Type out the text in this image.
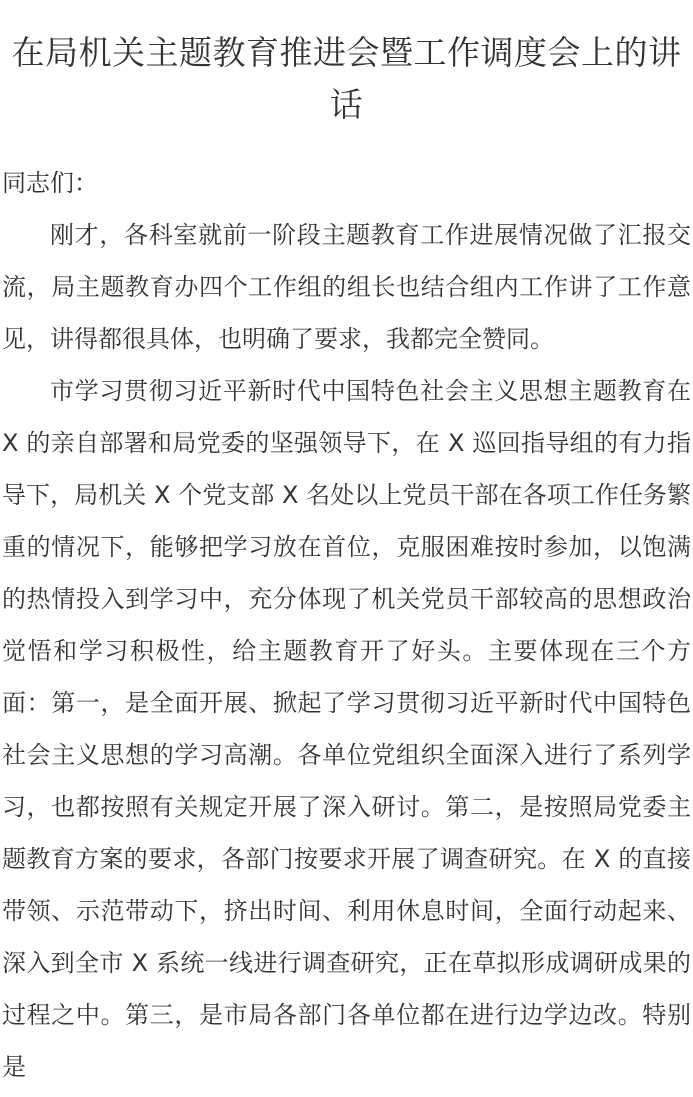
在局机关主题教育推进会暨工作调度会上的讲话

同志们：

刚才，各科室就前一阶段主题教育工作进展情况做了汇报交流，局主题教育办四个工作组的组长也结合组内工作讲了工作意见，讲得都很具体，也明确了要求，我都完全赞同。

市学习贯彻习近平新时代中国特色社会主义思想主题教育在 X 的亲自部署和局党委的坚强领导下，在 X 巡回指导组的有力指导下，局机关 X 个党支部 X 名处以上党员干部在各项工作任务繁重的情况下，能够把学习放在首位，克服困难按时参加，以饱满的热情投入到学习中，充分体现了机关党员干部较高的思想政治觉悟和学习积极性，给主题教育开了好头。主要体现在三个方面：第一，是全面开展、掀起了学习贯彻习近平新时代中国特色社会主义思想的学习高潮。各单位党组织全面深入进行了系列学习，也都按照有关规定开展了深入研讨。第二，是按照局党委主题教育方案的要求，各部门按要求开展了调查研究。在 X 的直接带领、示范带动下，挤出时间、利用休息时间，全面行动起来、深入到全市 X 系统一线进行调查研究，正在草拟形成调研成果的过程之中。第三，是市局各部门各单位都在进行边学边改。特别是
